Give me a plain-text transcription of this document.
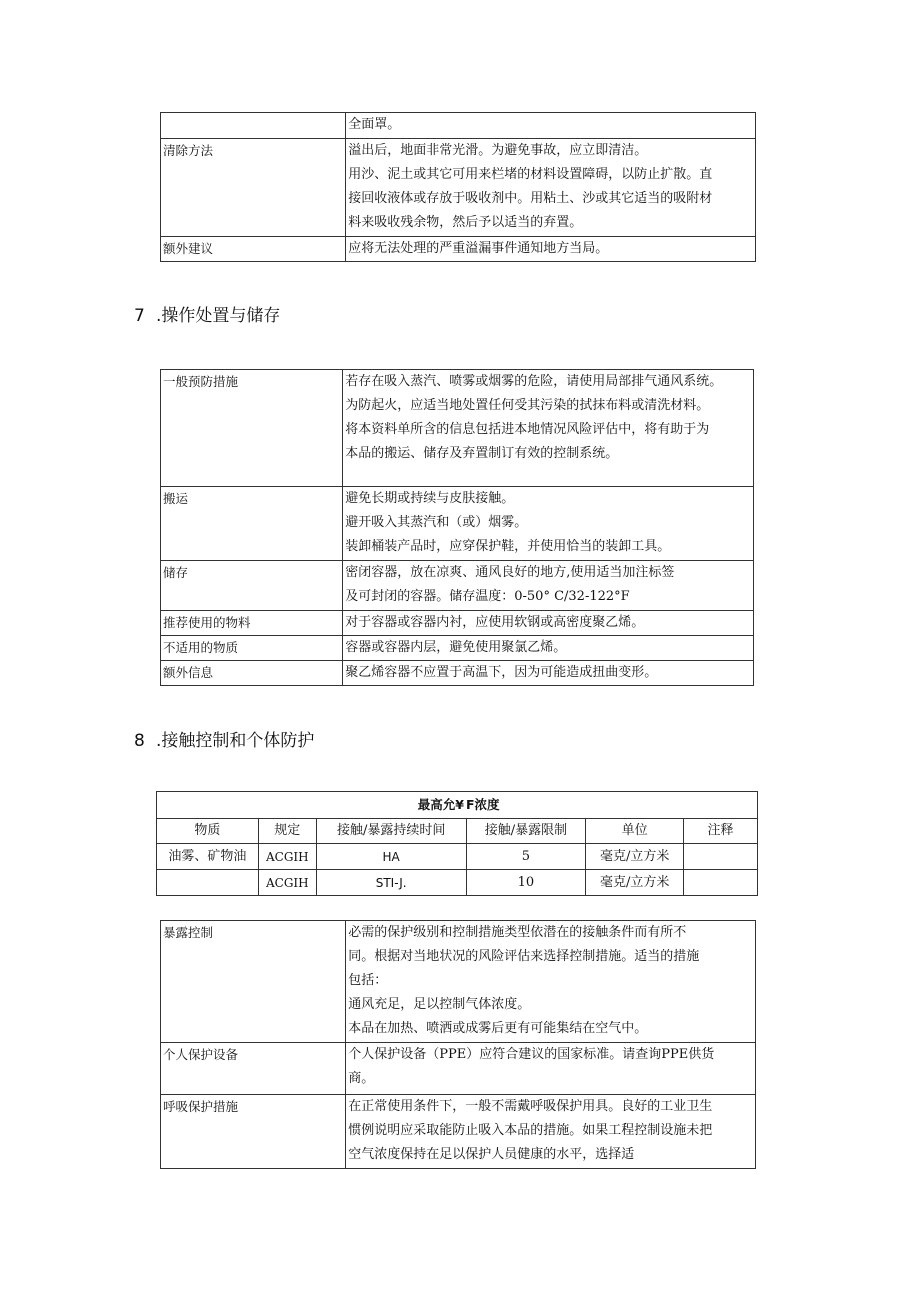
	全面罩。

清除方法	溢出后，地面非常光滑。为避免事故，应立即清洁。
用沙、泥土或其它可用来栏堵的材料设置障碍，以防止扩散。直
接回收液体或存放于吸收剂中。用粘土、沙或其它适当的吸附材
料来吸收残余物，然后予以适当的弃置。

额外建议	应将无法处理的严重溢漏事件通知地方当局。
7 .操作处置与储存
一般预防措施	若存在吸入蒸汽、喷雾或烟雾的危险，请使用局部排气通风系统。
为防起火，应适当地处置任何受其污染的拭抹布料或清洗材料。
将本资料单所含的信息包括进本地情况风险评估中，将有助于为
本品的搬运、储存及弃置制订有效的控制系统。

搬运	避免长期或持续与皮肤接触。
避开吸入其蒸汽和（或）烟雾。
装卸桶装产品时，应穿保护鞋，并使用恰当的装卸工具。

储存	密闭容器，放在凉爽、通风良好的地方,使用适当加注标签
及可封闭的容器。储存温度：0-50° C/32-122°F

推荐使用的物料	对于容器或容器内衬，应使用软钢或高密度聚乙烯。

不适用的物质	容器或容器内层，避免使用聚氯乙烯。

额外信息	聚乙烯容器不应置于高温下，因为可能造成扭曲变形。
8 .接触控制和个体防护
最高允¥			F浓度		
物质	规定	接触/暴露持续时间	接触/暴露限制	单位	注释
油雾、矿物油	ACGIH	HA	5	毫克/立方米	
	ACGIH	STI-J.	10	毫克/立方米	
暴露控制	必需的保护级别和控制措施类型依潜在的接触条件而有所不
同。根据对当地状况的风险评估来选择控制措施。适当的措施
包括：
通风充足，足以控制气体浓度。
本品在加热、喷洒或成雾后更有可能集结在空气中。

个人保护设备	个人保护设备（PPE）应符合建议的国家标准。请查询PPE供货
商。

呼吸保护措施	在正常使用条件下，一般不需戴呼吸保护用具。良好的工业卫生
惯例说明应采取能防止吸入本品的措施。如果工程控制设施未把
空气浓度保持在足以保护人员健康的水平，选择适
